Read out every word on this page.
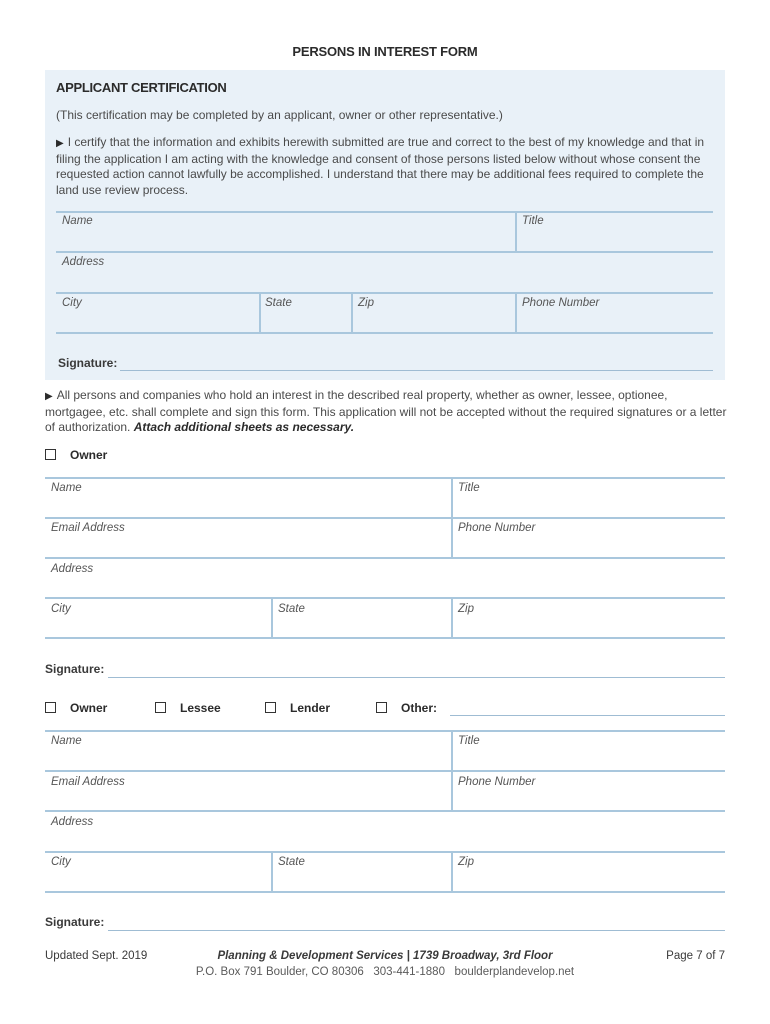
PERSONS IN INTEREST FORM
APPLICANT CERTIFICATION
(This certification may be completed by an applicant, owner or other representative.)
▶ I certify that the information and exhibits herewith submitted are true and correct to the best of my knowledge and that in filing the application I am acting with the knowledge and consent of those persons listed below without whose consent the requested action cannot lawfully be accomplished. I understand that there may be additional fees required to complete the land use review process.
Name	Title
Address
City	State	Zip	Phone Number
Signature:
▶ All persons and companies who hold an interest in the described real property, whether as owner, lessee, optionee, mortgagee, etc. shall complete and sign this form. This application will not be accepted without the required signatures or a letter of authorization. Attach additional sheets as necessary.
Owner
Name	Title
Email Address	Phone Number
Address
City	State	Zip
Signature:
Owner	Lessee	Lender	Other:
Name	Title
Email Address	Phone Number
Address
City	State	Zip
Signature:
Updated Sept. 2019	Planning & Development Services | 1739 Broadway, 3rd Floor
P.O. Box 791 Boulder, CO 80306   303-441-1880   boulderplandevelop.net
Page 7 of 7
